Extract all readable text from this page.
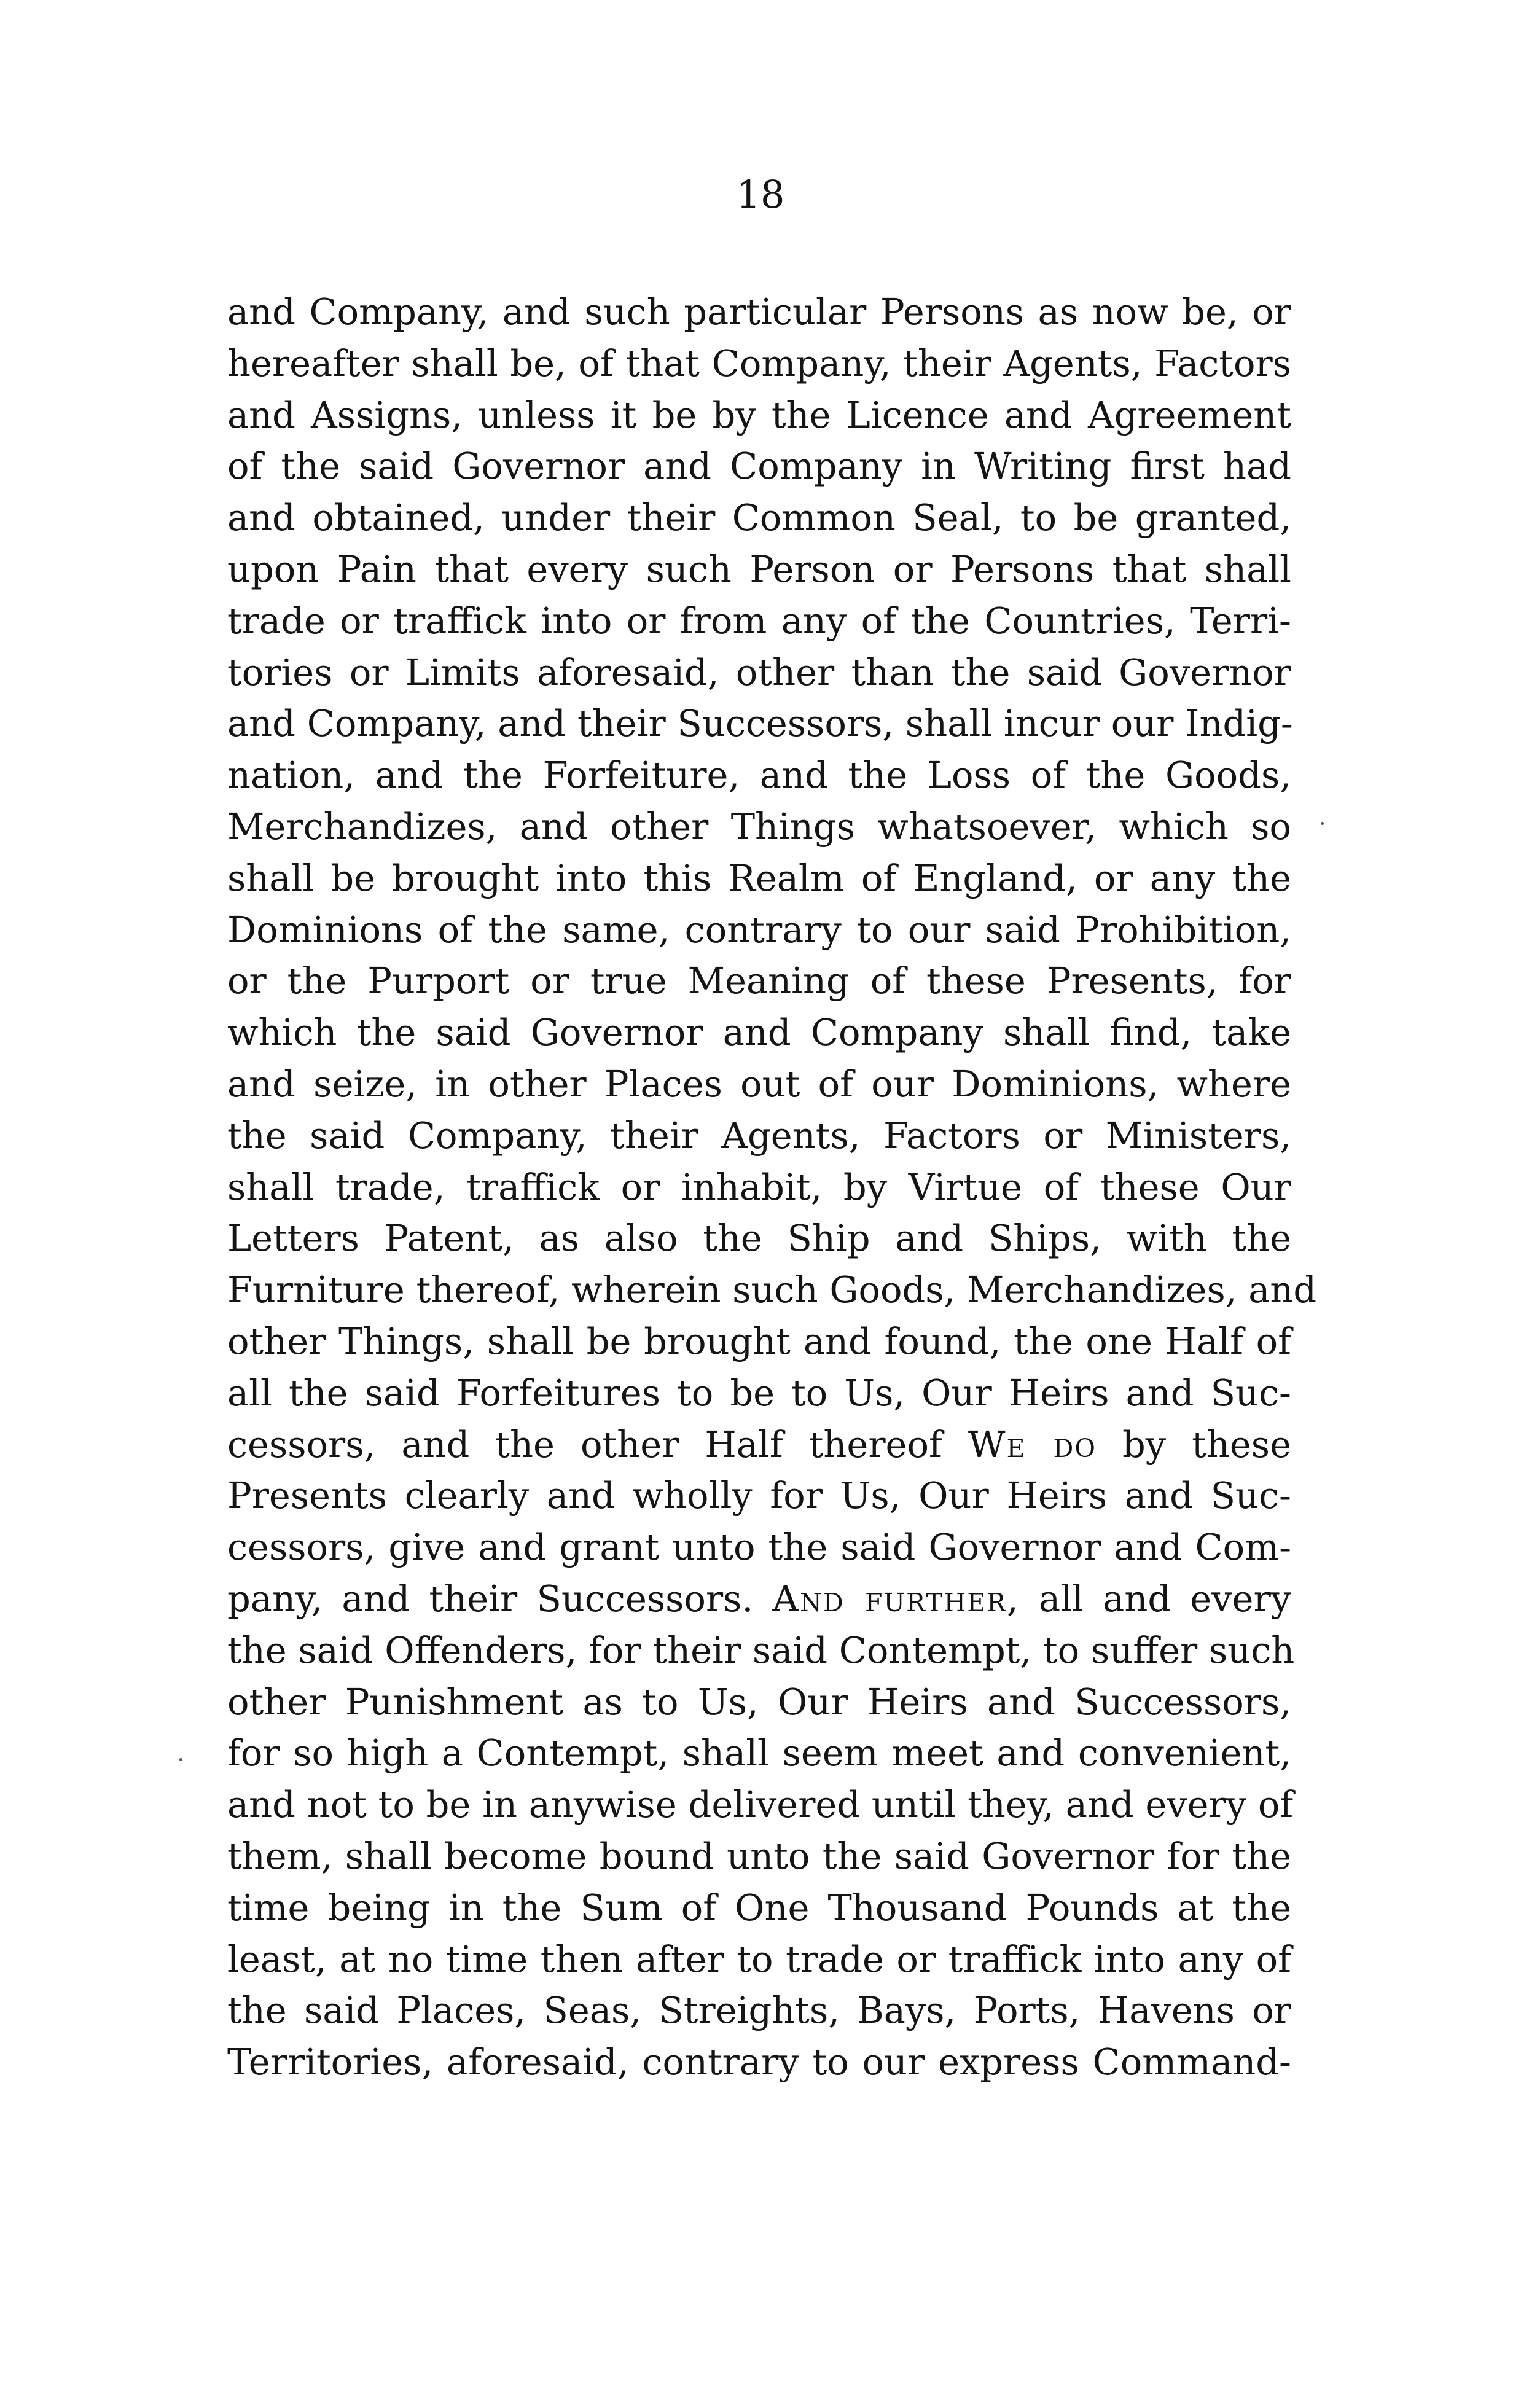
18
and Company, and such particular Persons as now be, or
hereafter shall be, of that Company, their Agents, Factors
and Assigns, unless it be by the Licence and Agreement
of the said Governor and Company in Writing first had
and obtained, under their Common Seal, to be granted,
upon Pain that every such Person or Persons that shall
trade or traffick into or from any of the Countries, Terri-
tories or Limits aforesaid, other than the said Governor
and Company, and their Successors, shall incur our Indig-
nation, and the Forfeiture, and the Loss of the Goods,
Merchandizes, and other Things whatsoever, which so
shall be brought into this Realm of England, or any the
Dominions of the same, contrary to our said Prohibition,
or the Purport or true Meaning of these Presents, for
which the said Governor and Company shall find, take
and seize, in other Places out of our Dominions, where
the said Company, their Agents, Factors or Ministers,
shall trade, traffick or inhabit, by Virtue of these Our
Letters Patent, as also the Ship and Ships, with the
Furniture thereof, wherein such Goods, Merchandizes, and
other Things, shall be brought and found, the one Half of
all the said Forfeitures to be to Us, Our Heirs and Suc-
cessors, and the other Half thereof We do by these
Presents clearly and wholly for Us, Our Heirs and Suc-
cessors, give and grant unto the said Governor and Com-
pany, and their Successors. And further, all and every
the said Offenders, for their said Contempt, to suffer such
other Punishment as to Us, Our Heirs and Successors,
for so high a Contempt, shall seem meet and convenient,
and not to be in anywise delivered until they, and every of
them, shall become bound unto the said Governor for the
time being in the Sum of One Thousand Pounds at the
least, at no time then after to trade or traffick into any of
the said Places, Seas, Streights, Bays, Ports, Havens or
Territories, aforesaid, contrary to our express Command-
